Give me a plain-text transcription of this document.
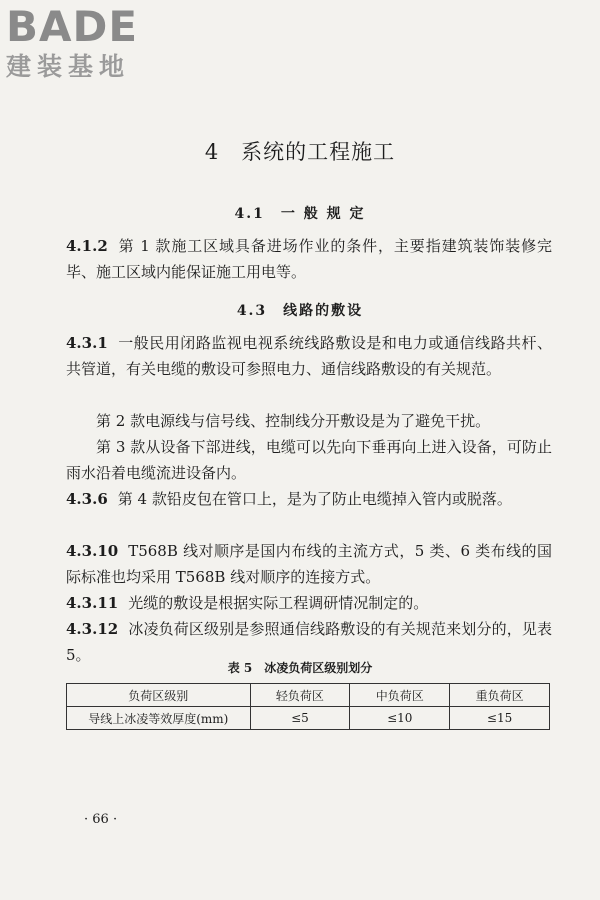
BADE
建装基地
4　系统的工程施工
4.1　一 般 规 定
4.1.2 第 1 款施工区域具备进场作业的条件，主要指建筑装饰装修完毕、施工区域内能保证施工用电等。
4.3　线路的敷设
4.3.1 一般民用闭路监视电视系统线路敷设是和电力或通信线路共杆、共管道，有关电缆的敷设可参照电力、通信线路敷设的有关规范。
第 2 款电源线与信号线、控制线分开敷设是为了避免干扰。
第 3 款从设备下部进线，电缆可以先向下垂再向上进入设备，可防止雨水沿着电缆流进设备内。
4.3.6 第 4 款铅皮包在管口上，是为了防止电缆掉入管内或脱落。
4.3.10 T568B 线对顺序是国内布线的主流方式，5 类、6 类布线的国际标准也均采用 T568B 线对顺序的连接方式。
4.3.11 光缆的敷设是根据实际工程调研情况制定的。
4.3.12 冰凌负荷区级别是参照通信线路敷设的有关规范来划分的，见表 5。
表 5　冰凌负荷区级别划分
负荷区级别	轻负荷区	中负荷区	重负荷区
导线上冰凌等效厚度(mm)	≤5	≤10	≤15
· 66 ·
